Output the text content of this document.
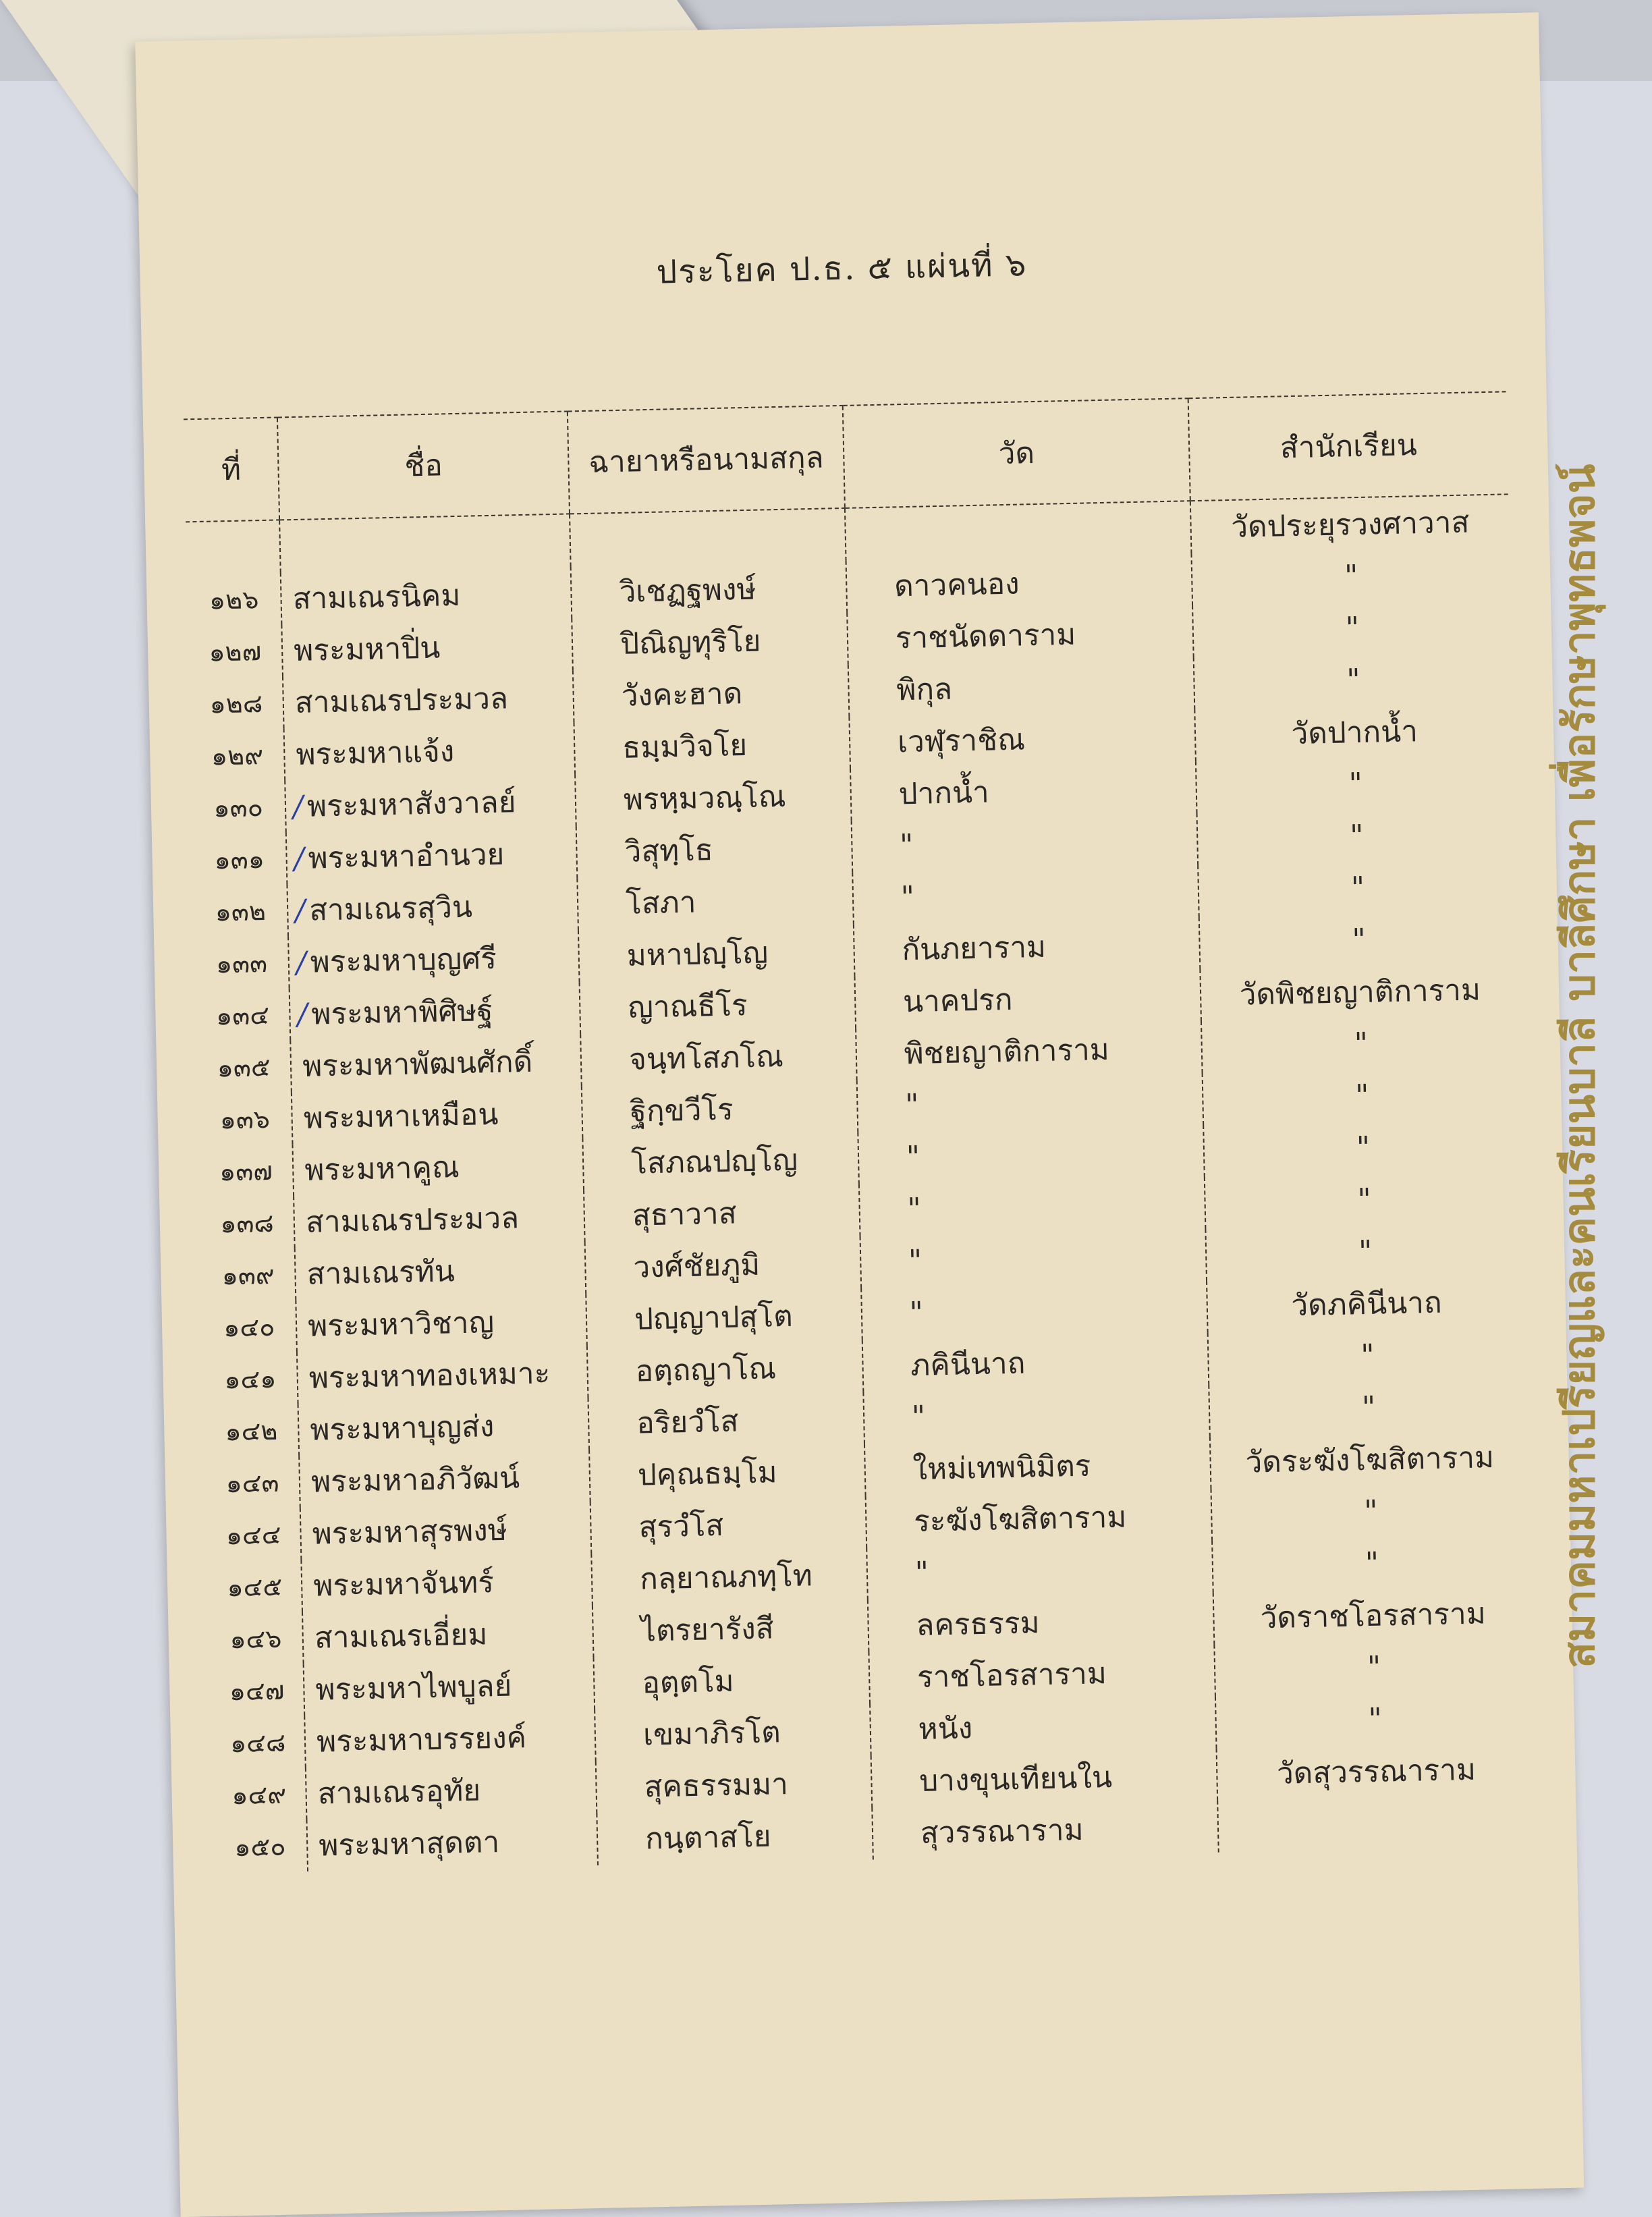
ประโยค ป.ธ. ๕ แผ่นที่ ๖
ที่	ชื่อ	ฉายาหรือนามสกุล	วัด	สำนักเรียน
				วัดประยุรวงศาวาส
๑๒๖	สามเณรนิคม	วิเชฏฐพงษ์	ดาวคนอง	"
๑๒๗	พระมหาปิ่น	ปิณิญทุริโย	ราชนัดดาราม	"
๑๒๘	สามเณรประมวล	วังคะฮาด	พิกุล	"
๑๒๙	พระมหาแจ้ง	ธมฺมวิจโย	เวฬุราชิณ	วัดปากน้ำ
๑๓๐	/ พระมหาสังวาลย์	พรหฺมวณฺโณ	ปากน้ำ	"
๑๓๑	/ พระมหาอำนวย	วิสุทฺโธ	"	"
๑๓๒	/ สามเณรสุวิน	โสภา	"	"
๑๓๓	/ พระมหาบุญศรี	มหาปญฺโญ	กันภยาราม	"
๑๓๔	/ พระมหาพิศิษฐ์	ญาณธีโร	นาคปรก	วัดพิชยญาติการาม
๑๓๕	พระมหาพัฒนศักดิ์	จนฺทโสภโณ	พิชยญาติการาม	"
๑๓๖	พระมหาเหมือน	ฐิกฺขวีโร	"	"
๑๓๗	พระมหาคูณ	โสภณปญฺโญ	"	"
๑๓๘	สามเณรประมวล	สุธาวาส	"	"
๑๓๙	สามเณรทัน	วงศ์ชัยภูมิ	"	"
๑๔๐	พระมหาวิชาญ	ปญฺญาปสุโต	"	วัดภคินีนาถ
๑๔๑	พระมหาทองเหมาะ	อตฺถญาโณ	ภคินีนาถ	"
๑๔๒	พระมหาบุญส่ง	อริยวํโส	"	"
๑๔๓	พระมหาอภิวัฒน์	ปคุณธมฺโม	ใหม่เทพนิมิตร	วัดระฆังโฆสิตาราม
๑๔๔	พระมหาสุรพงษ์	สุรวํโส	ระฆังโฆสิตาราม	"
๑๔๕	พระมหาจันทร์	กลฺยาณภทฺโท	"	"
๑๔๖	สามเณรเอี่ยม	ไตรยารังสี	ลครธรรม	วัดราชโอรสาราม
๑๔๗	พระมหาไพบูลย์	อุตฺตโม	ราชโอรสาราม	"
๑๔๘	พระมหาบรรยงค์	เขมาภิรโต	หนัง	"
๑๔๙	สามเณรอุทัย	สุคธรรมมา	บางขุนเทียนใน	วัดสุวรรณาราม
๑๕๐	พระมหาสุดตา	กนฺตาสโย	สุวรรณาราม	
สมาคมมหาเปรียญและคนเรียนบาลี บาลีศึกษา เพื่อรักษาพุทธพจน์
